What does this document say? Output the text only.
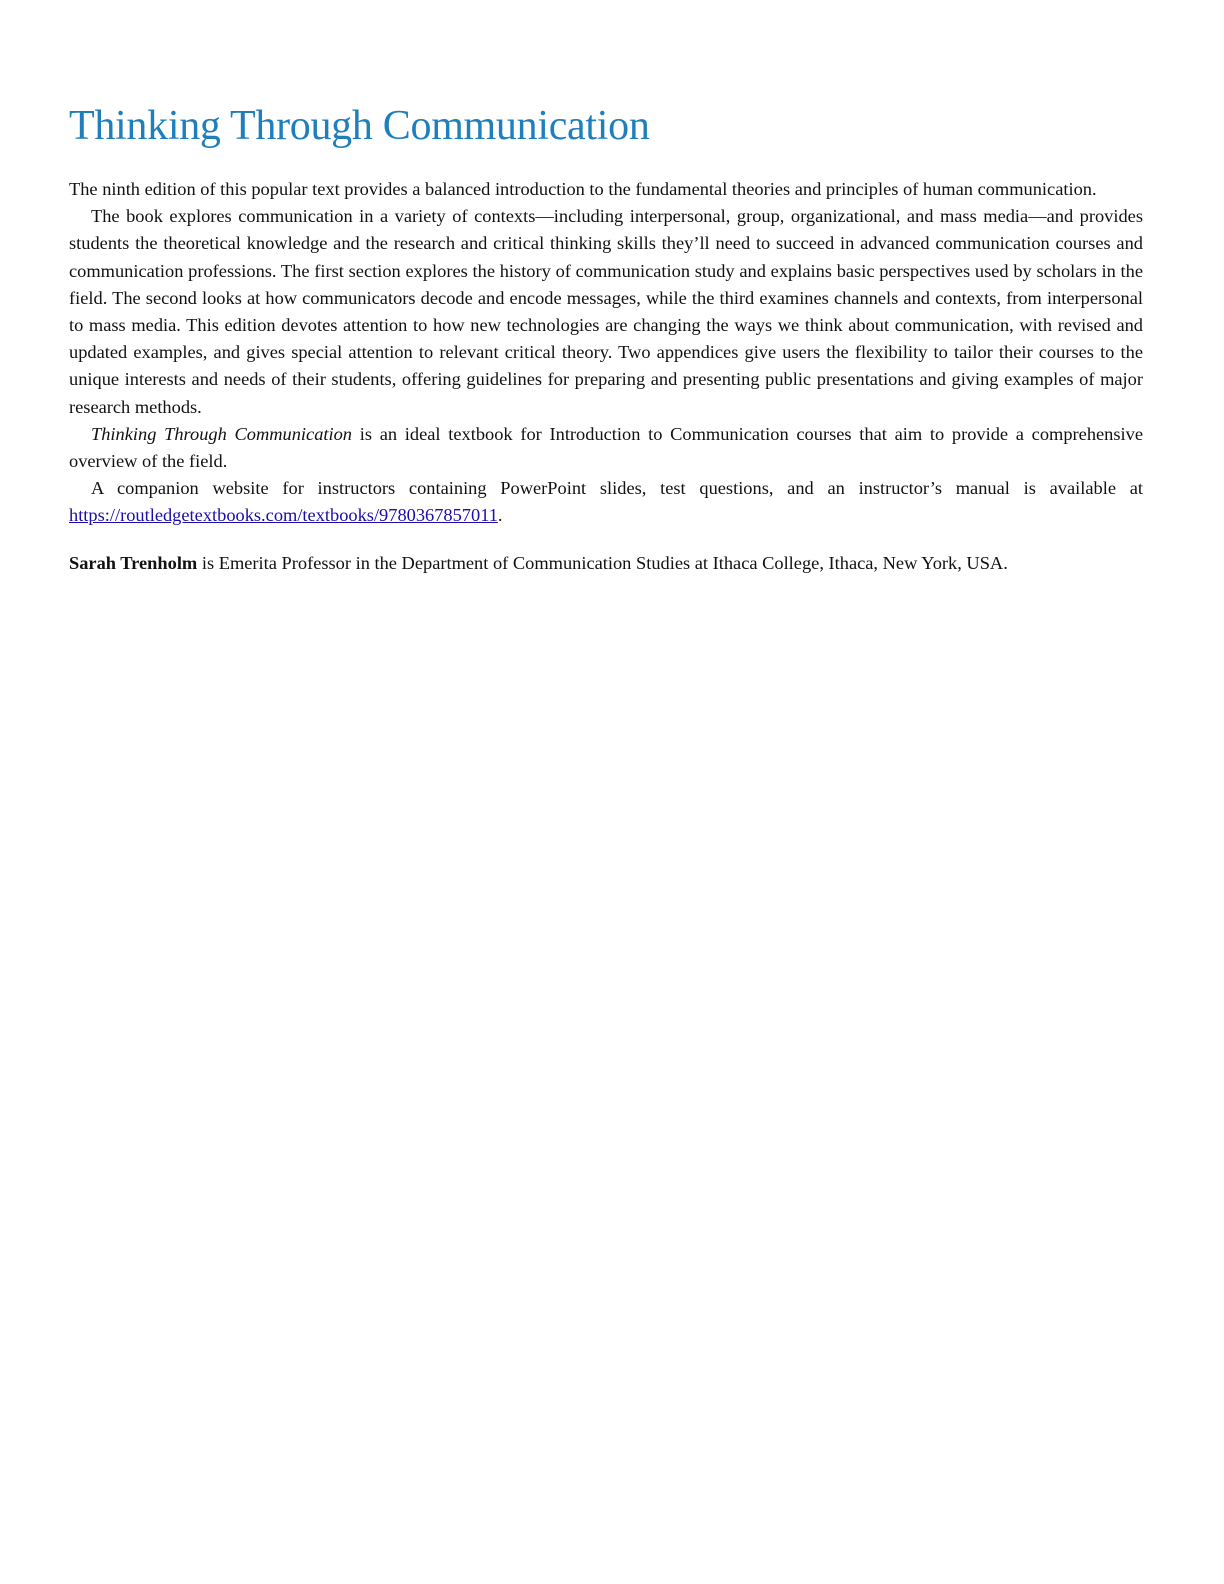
Thinking Through Communication

The ninth edition of this popular text provides a balanced introduction to the fundamental theories and principles of human communication.

The book explores communication in a variety of contexts—including interpersonal, group, organizational, and mass media—and provides students the theoretical knowledge and the research and critical thinking skills they’ll need to succeed in advanced communication courses and communication professions. The first section explores the history of communication study and explains basic perspectives used by scholars in the field. The second looks at how communicators decode and encode messages, while the third examines channels and contexts, from interpersonal to mass media. This edition devotes attention to how new technologies are changing the ways we think about communication, with revised and updated examples, and gives special attention to relevant critical theory. Two appendices give users the flexibility to tailor their courses to the unique interests and needs of their students, offering guidelines for preparing and presenting public presentations and giving examples of major research methods.

Thinking Through Communication is an ideal textbook for Introduction to Communication courses that aim to provide a comprehensive overview of the field.

A companion website for instructors containing PowerPoint slides, test questions, and an instructor’s manual is available at https://routledgetextbooks.com/textbooks/9780367857011.

Sarah Trenholm is Emerita Professor in the Department of Communication Studies at Ithaca College, Ithaca, New York, USA.
